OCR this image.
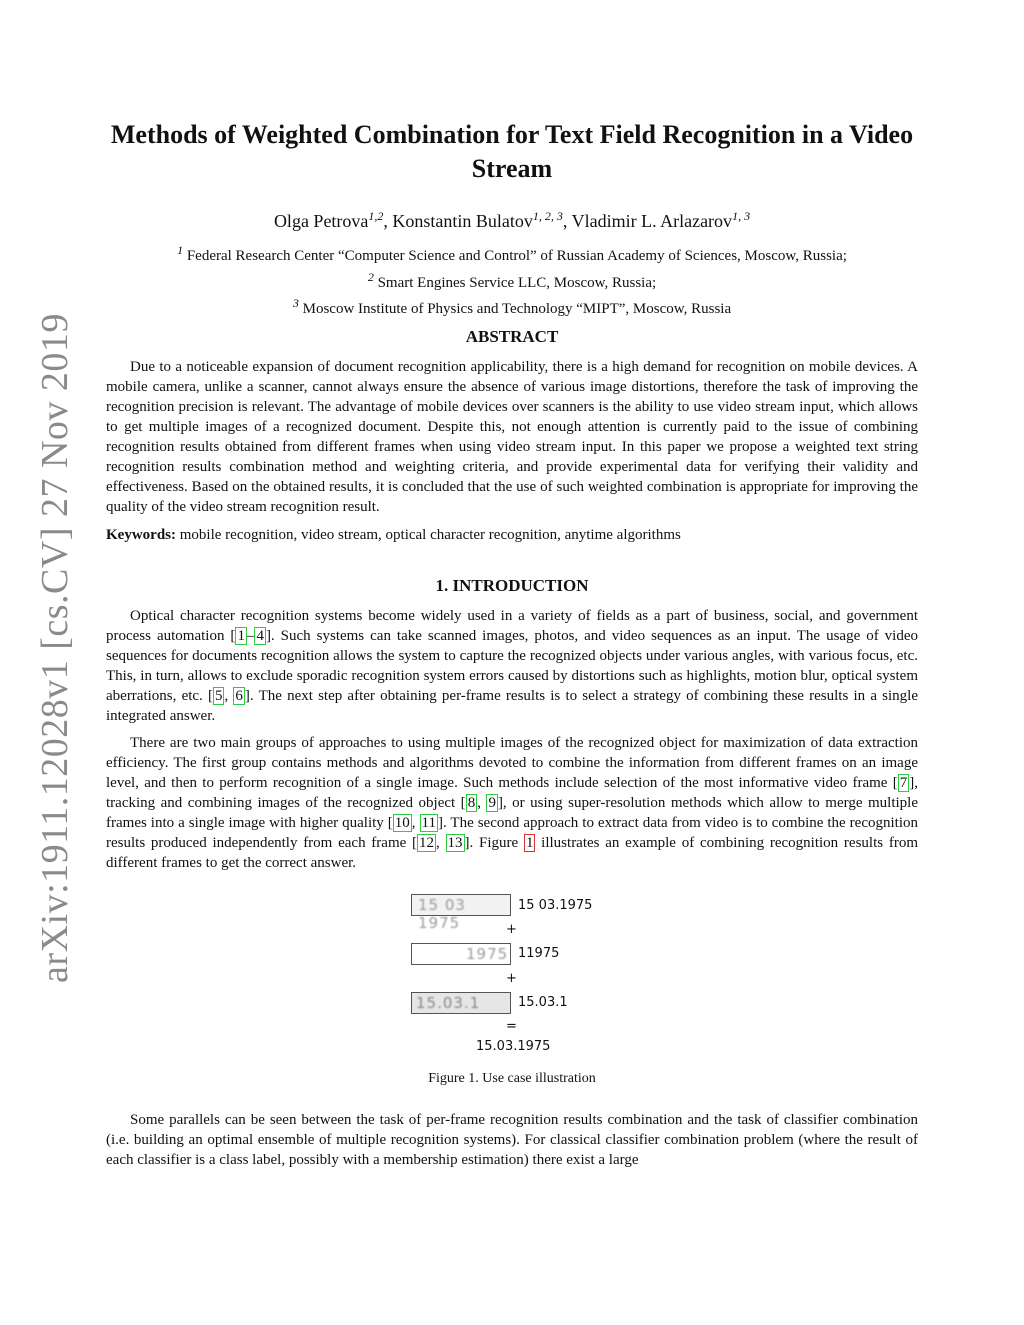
arXiv:1911.12028v1 [cs.CV] 27 Nov 2019
Methods of Weighted Combination for Text Field Recognition in a Video Stream
Olga Petrova$^{1,2}$, Konstantin Bulatov$^{1, 2, 3}$, Vladimir L. Arlazarov$^{1, 3}$
$^1$ Federal Research Center “Computer Science and Control” of Russian Academy of Sciences, Moscow, Russia;
$^2$ Smart Engines Service LLC, Moscow, Russia;
$^3$ Moscow Institute of Physics and Technology “MIPT”, Moscow, Russia
ABSTRACT

Due to a noticeable expansion of document recognition applicability, there is a high demand for recognition on mobile devices. A mobile camera, unlike a scanner, cannot always ensure the absence of various image distortions, therefore the task of improving the recognition precision is relevant. The advantage of mobile devices over scanners is the ability to use video stream input, which allows to get multiple images of a recognized document. Despite this, not enough attention is currently paid to the issue of combining recognition results obtained from different frames when using video stream input. In this paper we propose a weighted text string recognition results combination method and weighting criteria, and provide experimental data for verifying their validity and effectiveness. Based on the obtained results, it is concluded that the use of such weighted combination is appropriate for improving the quality of the video stream recognition result.

Keywords: mobile recognition, video stream, optical character recognition, anytime algorithms
1. INTRODUCTION

Optical character recognition systems become widely used in a variety of fields as a part of business, social, and government process automation [ 1 – 4 ]. Such systems can take scanned images, photos, and video sequences as an input. The usage of video sequences for documents recognition allows the system to capture the recognized objects under various angles, with various focus, etc. This, in turn, allows to exclude sporadic recognition system errors caused by distortions such as highlights, motion blur, optical system aberrations, etc. [ 5 , 6 ]. The next step after obtaining per-frame results is to select a strategy of combining these results in a single integrated answer.

There are two main groups of approaches to using multiple images of the recognized object for maximization of data extraction efficiency. The first group contains methods and algorithms devoted to combine the information from different frames on an image level, and then to perform recognition of a single image. Such methods include selection of the most informative video frame [ 7 ], tracking and combining images of the recognized object [ 8 , 9 ], or using super-resolution methods which allow to merge multiple frames into a single image with higher quality [ 10 , 11 ]. The second approach to extract data from video is to combine the recognition results produced independently from each frame [ 12 , 13 ]. Figure 1 illustrates an example of combining recognition results from different frames to get the correct answer.

15 03 1975
15 03.1975
+
1975 11975
+
15.03.1	15.03.1
=
15.03.1975
Figure 1. Use case illustration

Some parallels can be seen between the task of per-frame recognition results combination and the task of classifier combination (i.e. building an optimal ensemble of multiple recognition systems). For classical classifier combination problem (where the result of each classifier is a class label, possibly with a membership estimation) there exist a large
